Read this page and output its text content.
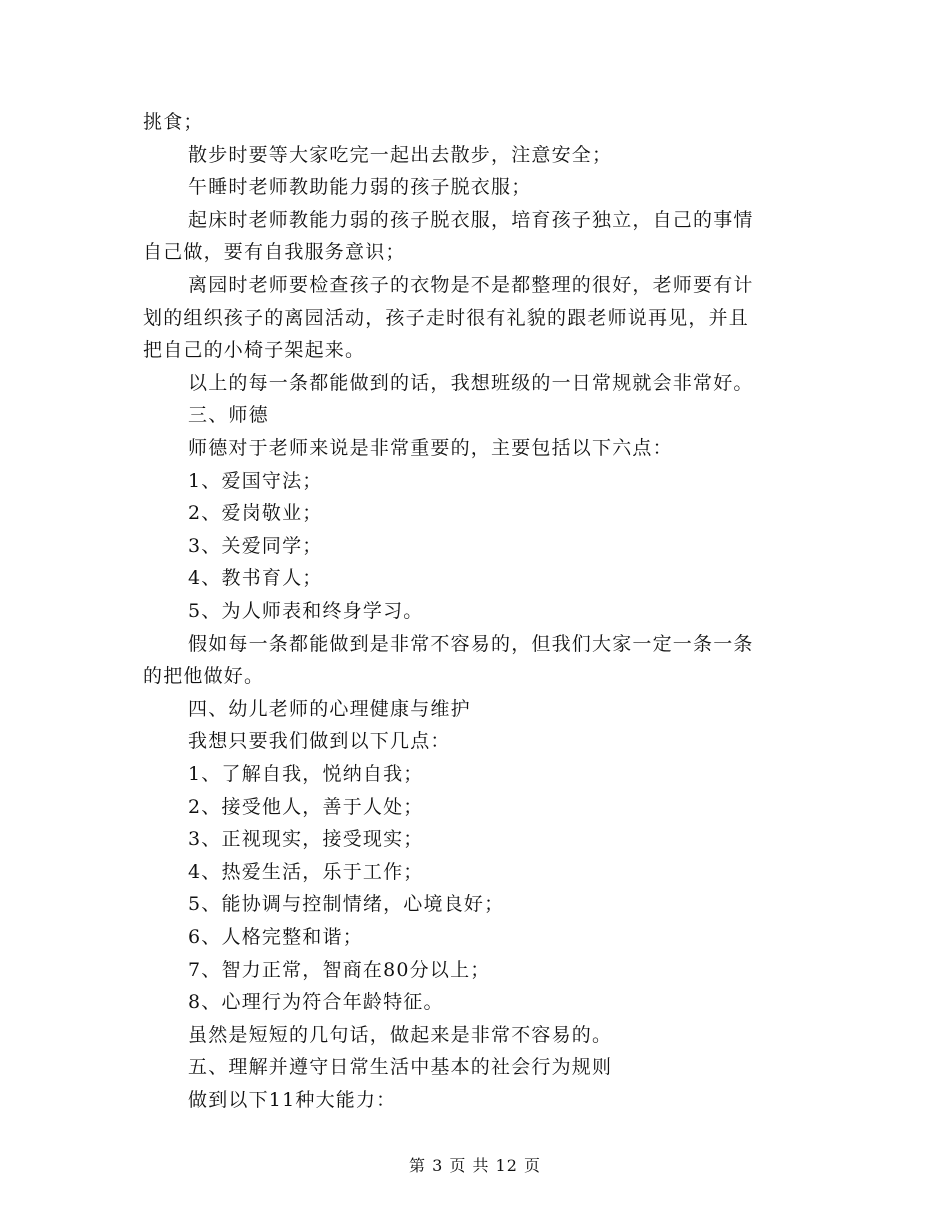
挑食；
散步时要等大家吃完一起出去散步，注意安全；
午睡时老师教助能力弱的孩子脱衣服；
起床时老师教能力弱的孩子脱衣服，培育孩子独立，自己的事情
自己做，要有自我服务意识；
离园时老师要检查孩子的衣物是不是都整理的很好，老师要有计
划的组织孩子的离园活动，孩子走时很有礼貌的跟老师说再见，并且
把自己的小椅子架起来。
以上的每一条都能做到的话，我想班级的一日常规就会非常好。
三、师德
师德对于老师来说是非常重要的，主要包括以下六点：
1、爱国守法；
2、爱岗敬业；
3、关爱同学；
4、教书育人；
5、为人师表和终身学习。
假如每一条都能做到是非常不容易的，但我们大家一定一条一条
的把他做好。
四、幼儿老师的心理健康与维护
我想只要我们做到以下几点：
1、了解自我，悦纳自我；
2、接受他人，善于人处；
3、正视现实，接受现实；
4、热爱生活，乐于工作；
5、能协调与控制情绪，心境良好；
6、人格完整和谐；
7、智力正常，智商在80分以上；
8、心理行为符合年龄特征。
虽然是短短的几句话，做起来是非常不容易的。
五、理解并遵守日常生活中基本的社会行为规则
做到以下11种大能力：
第 3 页 共 12 页
